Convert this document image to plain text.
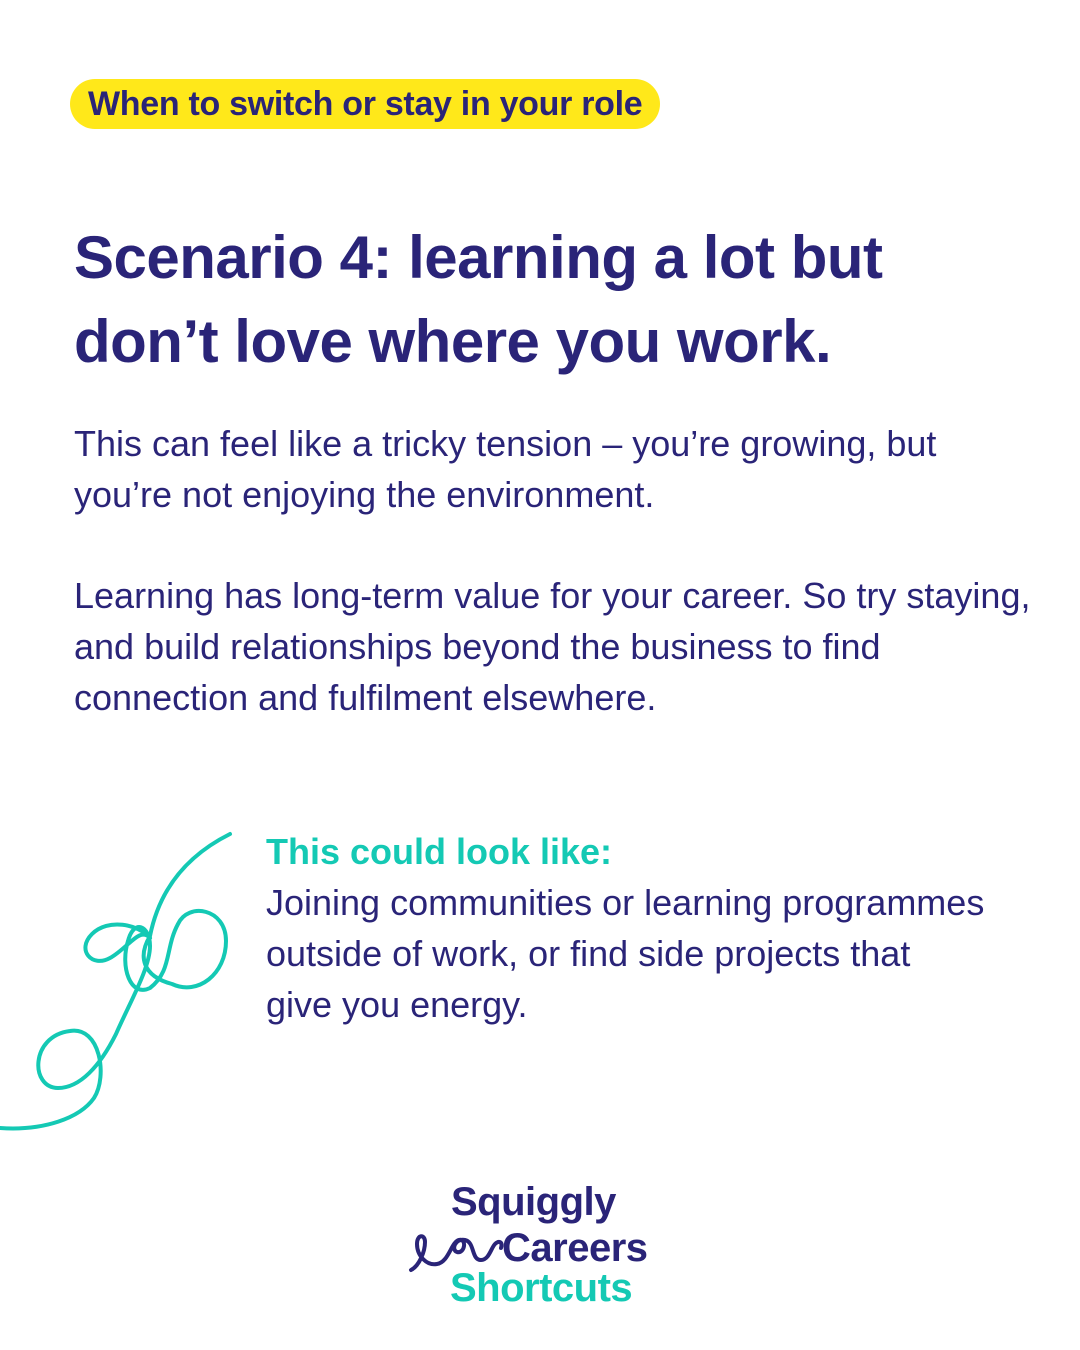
When to switch or stay in your role
Scenario 4: learning a lot but don’t love where you work.

This can feel like a tricky tension – you’re growing, but you’re not enjoying the environment.

Learning has long-term value for your career. So try staying, and build relationships beyond the business to find connection and fulfilment elsewhere.

This could look like:
Joining communities or learning programmes outside of work, or find side projects that give you energy.
Squiggly
Careers
Shortcuts
